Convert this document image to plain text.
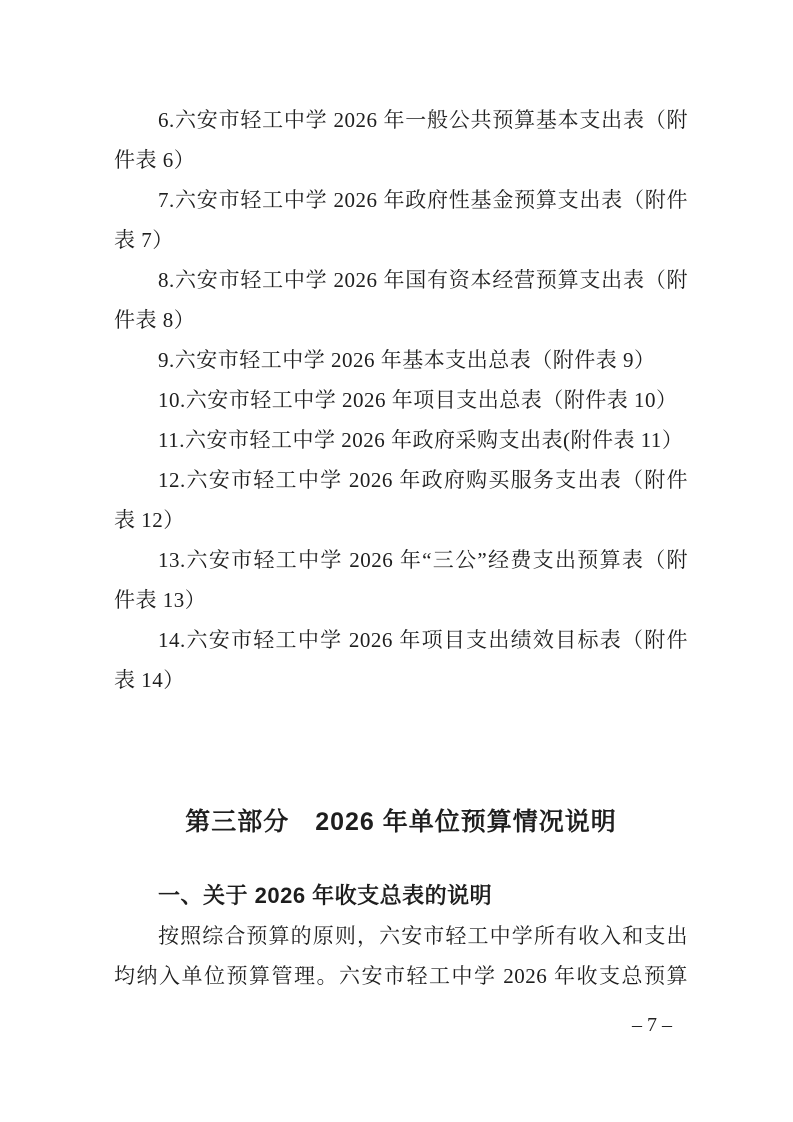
6.六安市轻工中学 2026 年一般公共预算基本支出表（附
件表 6）
7.六安市轻工中学 2026 年政府性基金预算支出表（附件
表 7）
8.六安市轻工中学 2026 年国有资本经营预算支出表（附
件表 8）
9.六安市轻工中学 2026 年基本支出总表（附件表 9）
10.六安市轻工中学 2026 年项目支出总表（附件表 10）
11.六安市轻工中学 2026 年政府采购支出表(附件表 11）
12.六安市轻工中学 2026 年政府购买服务支出表（附件
表 12）
13.六安市轻工中学 2026 年“三公”经费支出预算表（附
件表 13）
14.六安市轻工中学 2026 年项目支出绩效目标表（附件
表 14）
第三部分　2026 年单位预算情况说明
一、关于 2026 年收支总表的说明
按照综合预算的原则，六安市轻工中学所有收入和支出
均纳入单位预算管理。六安市轻工中学 2026 年收支总预算
– 7 –
